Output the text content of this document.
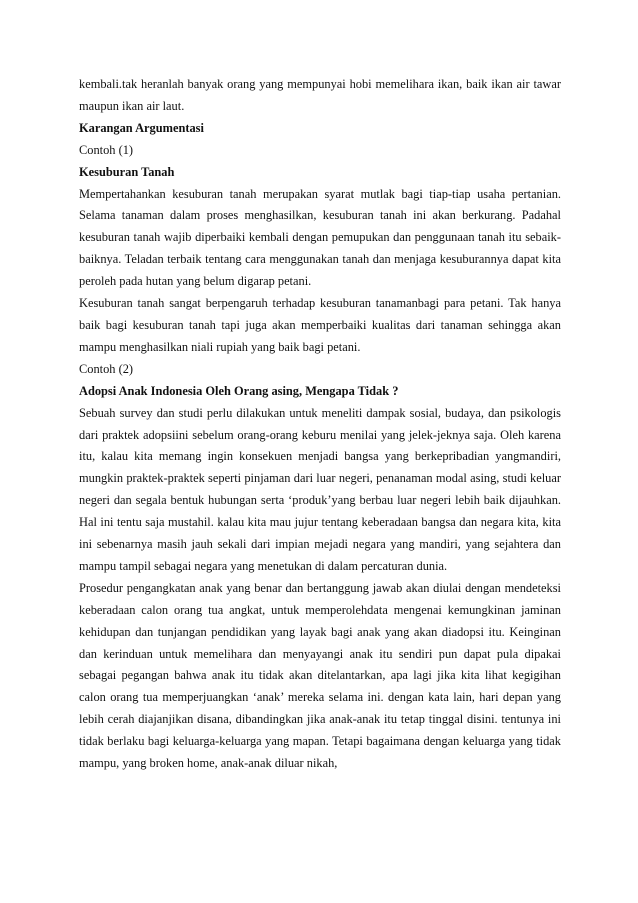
kembali.tak heranlah banyak orang yang mempunyai hobi memelihara ikan, baik ikan air tawar maupun ikan air laut.

Karangan Argumentasi
Contoh (1)
Kesuburan Tanah

Mempertahankan kesuburan tanah merupakan syarat mutlak bagi tiap-tiap usaha pertanian. Selama tanaman dalam proses menghasilkan, kesuburan tanah ini akan berkurang. Padahal kesuburan tanah wajib diperbaiki kembali dengan pemupukan dan penggunaan tanah itu sebaik-baiknya. Teladan terbaik tentang cara menggunakan tanah dan menjaga kesuburannya dapat kita peroleh pada hutan yang belum digarap petani.

Kesuburan tanah sangat berpengaruh terhadap kesuburan tanamanbagi para petani. Tak hanya baik bagi kesuburan tanah tapi juga akan memperbaiki kualitas dari tanaman sehingga akan mampu menghasilkan niali rupiah yang baik bagi petani.

Contoh (2)
Adopsi Anak Indonesia Oleh Orang asing, Mengapa Tidak ?

Sebuah survey dan studi perlu dilakukan untuk meneliti dampak sosial, budaya, dan psikologis dari praktek adopsiini sebelum orang-orang keburu menilai yang jelek-jeknya saja. Oleh karena itu, kalau kita memang ingin konsekuen menjadi bangsa yang berkepribadian yangmandiri, mungkin praktek-praktek seperti pinjaman dari luar negeri, penanaman modal asing, studi keluar negeri dan segala bentuk hubungan serta ‘produk’yang berbau luar negeri lebih baik dijauhkan. Hal ini tentu saja mustahil. kalau kita mau jujur tentang keberadaan bangsa dan negara kita, kita ini sebenarnya masih jauh sekali dari impian mejadi negara yang mandiri, yang sejahtera dan mampu tampil sebagai negara yang menetukan di dalam percaturan dunia.

Prosedur pengangkatan anak yang benar dan bertanggung jawab akan diulai dengan mendeteksi keberadaan calon orang tua angkat, untuk memperolehdata mengenai kemungkinan jaminan kehidupan dan tunjangan pendidikan yang layak bagi anak yang akan diadopsi itu. Keinginan dan kerinduan untuk memelihara dan menyayangi anak itu sendiri pun dapat pula dipakai sebagai pegangan bahwa anak itu tidak akan ditelantarkan, apa lagi jika kita lihat kegigihan calon orang tua memperjuangkan ‘anak’ mereka selama ini. dengan kata lain, hari depan yang lebih cerah diajanjikan disana, dibandingkan jika anak-anak itu tetap tinggal disini. tentunya ini tidak berlaku bagi keluarga-keluarga yang mapan. Tetapi bagaimana dengan keluarga yang tidak mampu, yang broken home, anak-anak diluar nikah,
